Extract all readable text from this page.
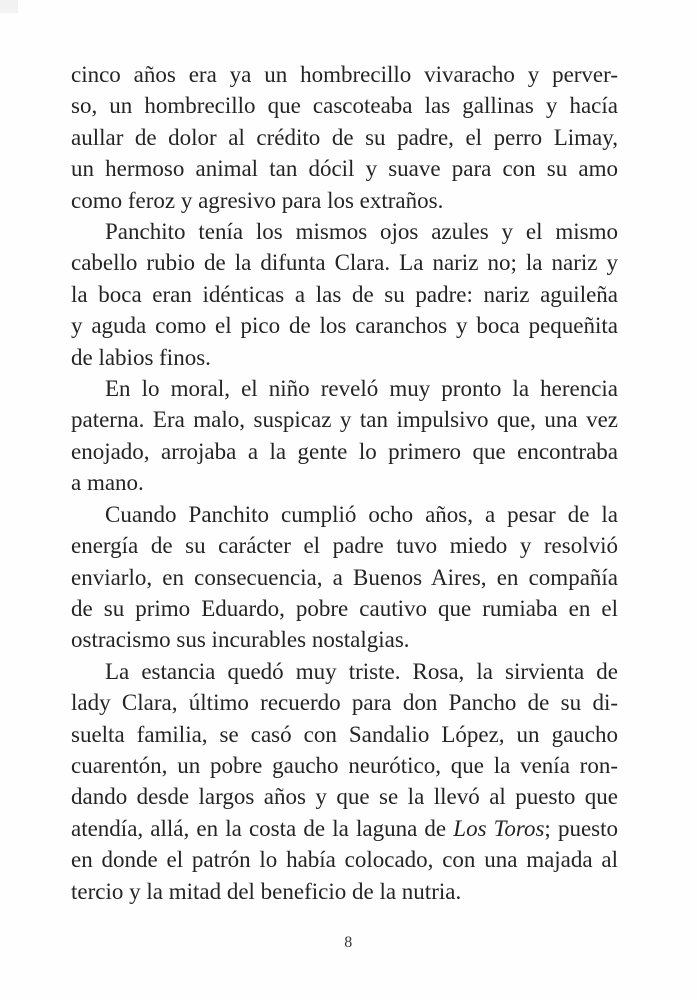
cinco años era ya un hombrecillo vivaracho y perver-
so, un hombrecillo que cascoteaba las gallinas y hacía
aullar de dolor al crédito de su padre, el perro Limay,
un hermoso animal tan dócil y suave para con su amo
como feroz y agresivo para los extraños.
Panchito tenía los mismos ojos azules y el mismo
cabello rubio de la difunta Clara. La nariz no; la nariz y
la boca eran idénticas a las de su padre: nariz aguileña
y aguda como el pico de los caranchos y boca pequeñita
de labios finos.
En lo moral, el niño reveló muy pronto la herencia
paterna. Era malo, suspicaz y tan impulsivo que, una vez
enojado, arrojaba a la gente lo primero que encontraba
a mano.
Cuando Panchito cumplió ocho años, a pesar de la
energía de su carácter el padre tuvo miedo y resolvió
enviarlo, en consecuencia, a Buenos Aires, en compañía
de su primo Eduardo, pobre cautivo que rumiaba en el
ostracismo sus incurables nostalgias.
La estancia quedó muy triste. Rosa, la sirvienta de
lady Clara, último recuerdo para don Pancho de su di-
suelta familia, se casó con Sandalio López, un gaucho
cuarentón, un pobre gaucho neurótico, que la venía ron-
dando desde largos años y que se la llevó al puesto que
atendía, allá, en la costa de la laguna de Los Toros; puesto
en donde el patrón lo había colocado, con una majada al
tercio y la mitad del beneficio de la nutria.
8
